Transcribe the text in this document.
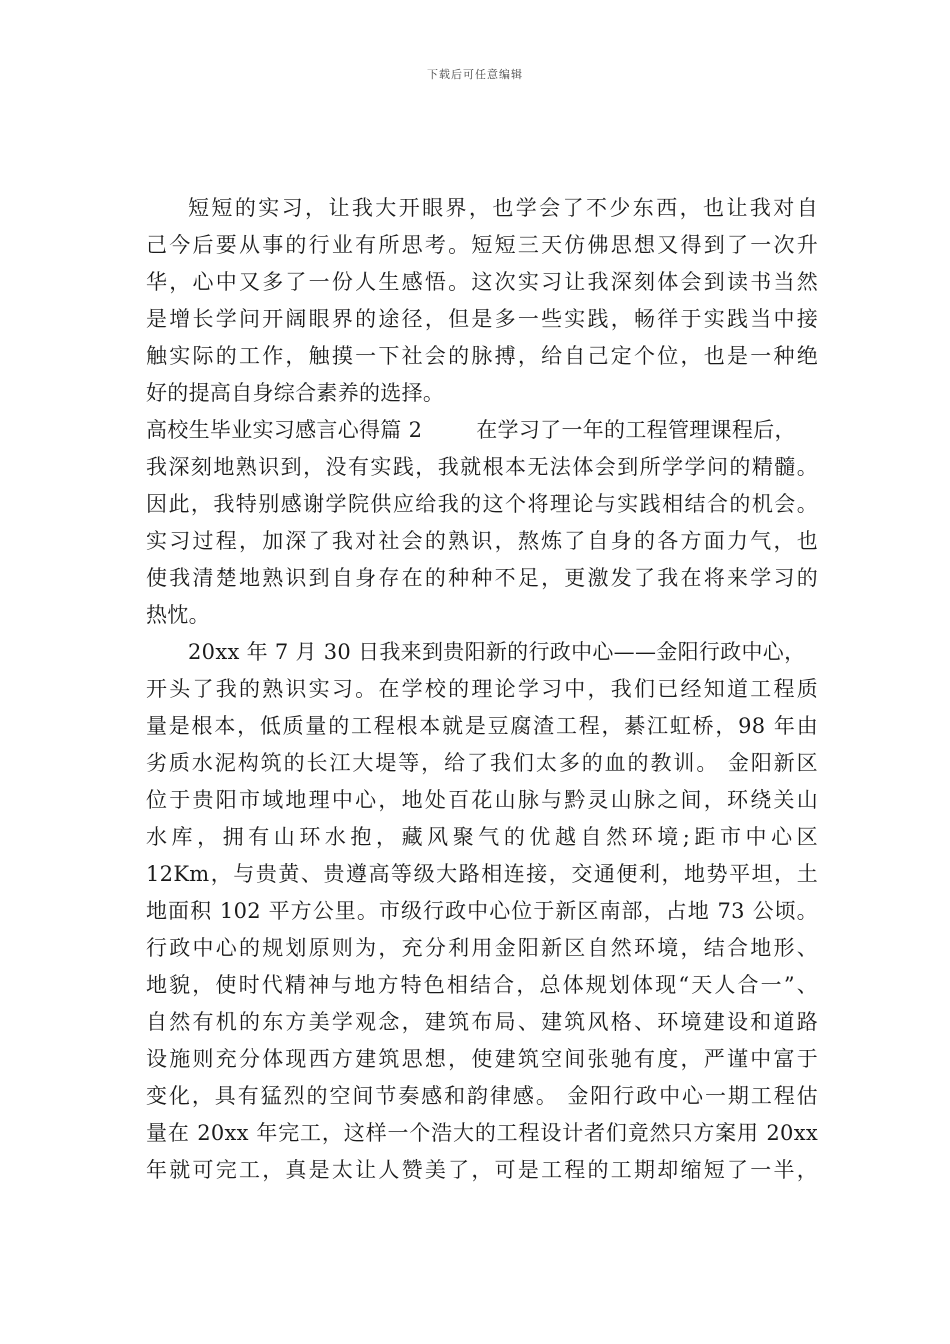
下载后可任意编辑
短短的实习，让我大开眼界，也学会了不少东西，也让我对自
己今后要从事的行业有所思考。短短三天仿佛思想又得到了一次升
华，心中又多了一份人生感悟。这次实习让我深刻体会到读书当然
是增长学问开阔眼界的途径，但是多一些实践，畅徉于实践当中接
触实际的工作，触摸一下社会的脉搏，给自己定个位，也是一种绝
好的提高自身综合素养的选择。
高校生毕业实习感言心得篇 2	在学习了一年的工程管理课程后，
我深刻地熟识到，没有实践，我就根本无法体会到所学学问的精髓。
因此，我特别感谢学院供应给我的这个将理论与实践相结合的机会。
实习过程，加深了我对社会的熟识，熬炼了自身的各方面力气，也
使我清楚地熟识到自身存在的种种不足，更激发了我在将来学习的
热忱。
20xx 年 7 月 30 日我来到贵阳新的行政中心——金阳行政中心，
开头了我的熟识实习。在学校的理论学习中，我们已经知道工程质
量是根本，低质量的工程根本就是豆腐渣工程，綦江虹桥，98 年由
劣质水泥构筑的长江大堤等，给了我们太多的血的教训。 金阳新区
位于贵阳市域地理中心，地处百花山脉与黔灵山脉之间，环绕关山
水库，拥有山环水抱，藏风聚气的优越自然环境;距市中心区
12Km，与贵黄、贵遵高等级大路相连接，交通便利，地势平坦，土
地面积 102 平方公里。市级行政中心位于新区南部，占地 73 公顷。
行政中心的规划原则为，充分利用金阳新区自然环境，结合地形、
地貌，使时代精神与地方特色相结合，总体规划体现“天人合一”、
自然有机的东方美学观念，建筑布局、建筑风格、环境建设和道路
设施则充分体现西方建筑思想，使建筑空间张驰有度，严谨中富于
变化，具有猛烈的空间节奏感和韵律感。 金阳行政中心一期工程估
量在 20xx 年完工，这样一个浩大的工程设计者们竟然只方案用 20xx
年就可完工，真是太让人赞美了，可是工程的工期却缩短了一半，
